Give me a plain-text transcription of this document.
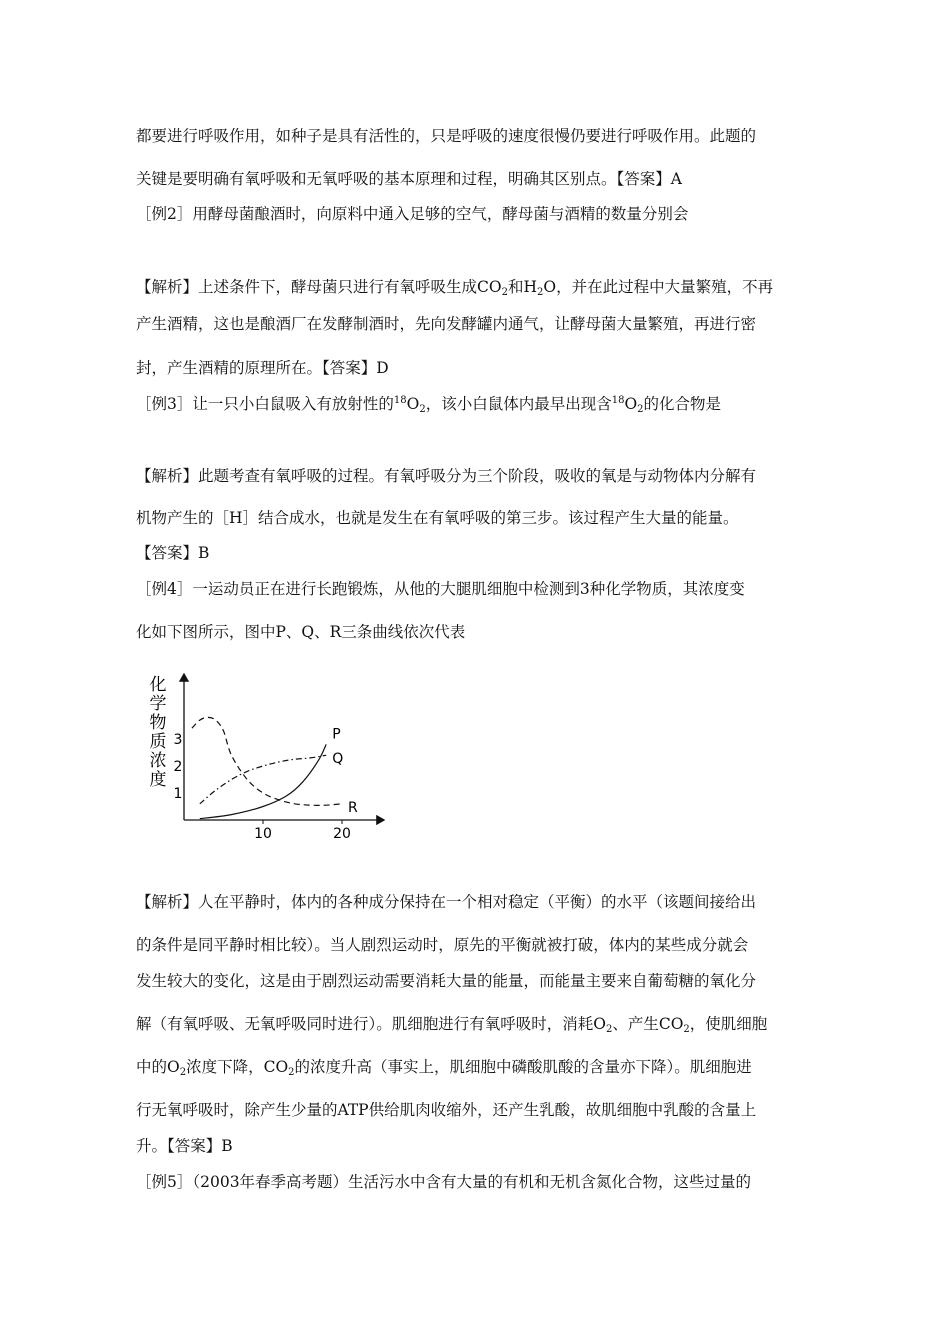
都要进行呼吸作用，如种子是具有活性的，只是呼吸的速度很慢仍要进行呼吸作用。此题的
关键是要明确有氧呼吸和无氧呼吸的基本原理和过程，明确其区别点。【答案】A
［例2］用酵母菌酿酒时，向原料中通入足够的空气，酵母菌与酒精的数量分别会
【解析】上述条件下，酵母菌只进行有氧呼吸生成$CO_2$和$H_2O$，并在此过程中大量繁殖，不再
产生酒精，这也是酿酒厂在发酵制酒时，先向发酵罐内通气，让酵母菌大量繁殖，再进行密
封，产生酒精的原理所在。【答案】D
［例3］让一只小白鼠吸入有放射性的$^{18}O_2$，该小白鼠体内最早出现含$^{18}O_2$的化合物是
【解析】此题考查有氧呼吸的过程。有氧呼吸分为三个阶段，吸收的氧是与动物体内分解有
机物产生的［H］结合成水，也就是发生在有氧呼吸的第三步。该过程产生大量的能量。
【答案】B
［例4］一运动员正在进行长跑锻炼，从他的大腿肌细胞中检测到3种化学物质，其浓度变
化如下图所示，图中P、Q、R三条曲线依次代表
化
学
物
质
浓
度
1
2
3
10	20
P
Q
R
【解析】人在平静时，体内的各种成分保持在一个相对稳定（平衡）的水平（该题间接给出
的条件是同平静时相比较）。当人剧烈运动时，原先的平衡就被打破，体内的某些成分就会
发生较大的变化，这是由于剧烈运动需要消耗大量的能量，而能量主要来自葡萄糖的氧化分
解（有氧呼吸、无氧呼吸同时进行）。肌细胞进行有氧呼吸时，消耗$O_2$、产生$CO_2$，使肌细胞
中的$O_2$浓度下降，$CO_2$的浓度升高（事实上，肌细胞中磷酸肌酸的含量亦下降）。肌细胞进
行无氧呼吸时，除产生少量的ATP供给肌肉收缩外，还产生乳酸，故肌细胞中乳酸的含量上
升。【答案】B
［例5］（2003年春季高考题）生活污水中含有大量的有机和无机含氮化合物，这些过量的
